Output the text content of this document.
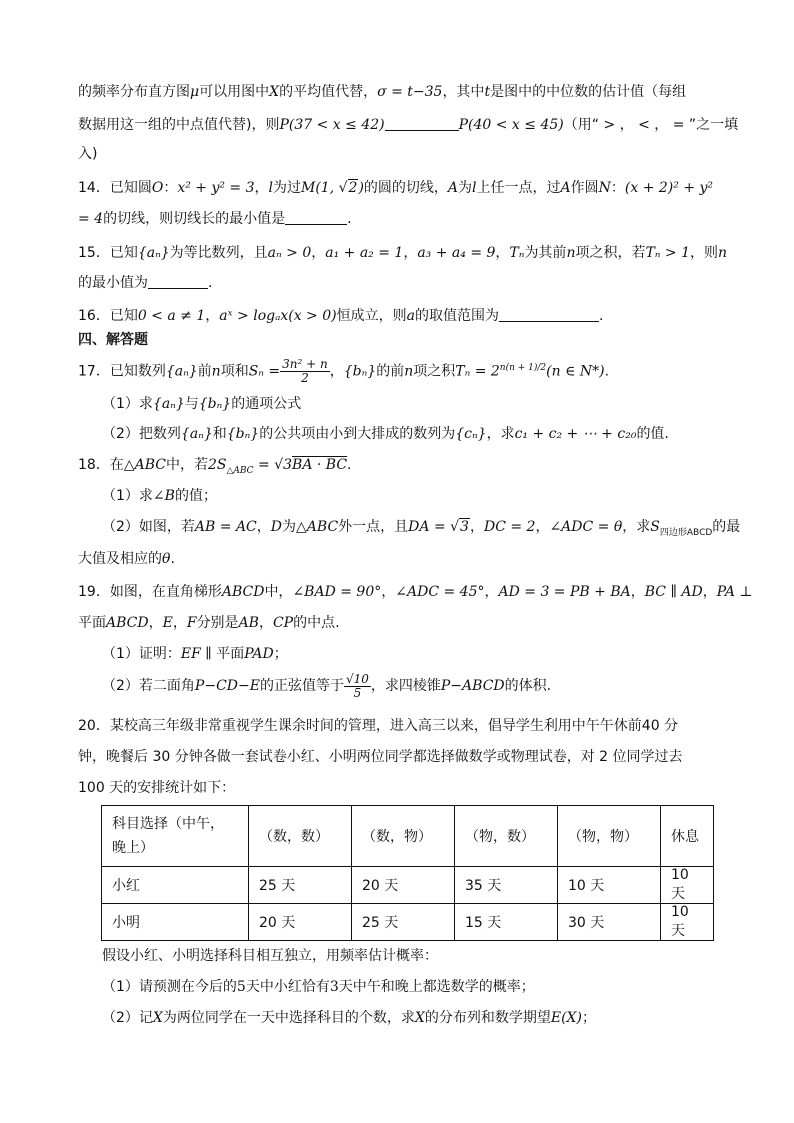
的频率分布直方图μ可以用图中X的平均值代替，σ = t−35，其中t是图中的中位数的估计值（每组
数据用这一组的中点值代替)，则P(37 < x ≤ 42)	P(40 < x ≤ 45)（用“ > ， < ， = ”之一填
入)
14．已知圆O：x² + y² = 3，l为过M(1, √2)的圆的切线，A为l上任一点，过A作圆N：(x + 2)² + y²
= 4的切线，则切线长的最小值是	.
15．已知{aₙ}为等比数列，且aₙ > 0，a₁ + a₂ = 1，a₃ + a₄ = 9，Tₙ为其前n项之积，若Tₙ > 1，则n
的最小值为	.
16．已知0 < a ≠ 1，aˣ > logₐx(x > 0)恒成立，则a的取值范围为	.
四、解答题
17．已知数列{aₙ}前n项和$S_n = \frac{\text{3n² + n}}{2}$ ，{bₙ}的前n项之积$T_n = 2^{n(n + 1)/2}(n$ ∈ N*).
（1）求{aₙ}与{bₙ}的通项公式
（2）把数列{aₙ}和{bₙ}的公共项由小到大排成的数列为{cₙ}，求c₁ + c₂ + ⋯ + c₂₀的值.
18．在△ABC中，若$2S_{\triangle ABC} = √3BA$ · BC.
（1）求∠B的值；
（2）如图，若AB = AC，D为△ABC外一点，且DA = √3，DC = 2，∠ADC = θ，求$S_{四边形ABCD}$的最
大值及相应的θ.
19．如图，在直角梯形ABCD中，∠BAD = 90°，∠ADC = 45°，AD = 3 = PB + BA，BC ∥ AD，PA ⊥
平面ABCD，E，F分别是AB，CP的中点.
（1）证明：EF ∥ 平面PAD；
（2）若二面角P−CD−E的正弦值等于 $\frac{√10}{5}$ ，求四棱锥P−ABCD的体积.
20．某校高三年级非常重视学生课余时间的管理，进入高三以来，倡导学生利用中午午休前40 分
钟，晚餐后 30 分钟各做一套试卷小红、小明两位同学都选择做数学或物理试卷，对 2 位同学过去
100 天的安排统计如下：
科目选择（中午，
晚上）	（数，数）	（数，物）	（物，数）	（物，物）	休息
小红	25 天	20 天	35 天	10 天	10 天
小明	20 天	25 天	15 天	30 天	10 天
假设小红、小明选择科目相互独立，用频率估计概率：
（1）请预测在今后的5天中小红恰有3天中午和晚上都选数学的概率；
（2）记X为两位同学在一天中选择科目的个数，求X的分布列和数学期望E(X)；
